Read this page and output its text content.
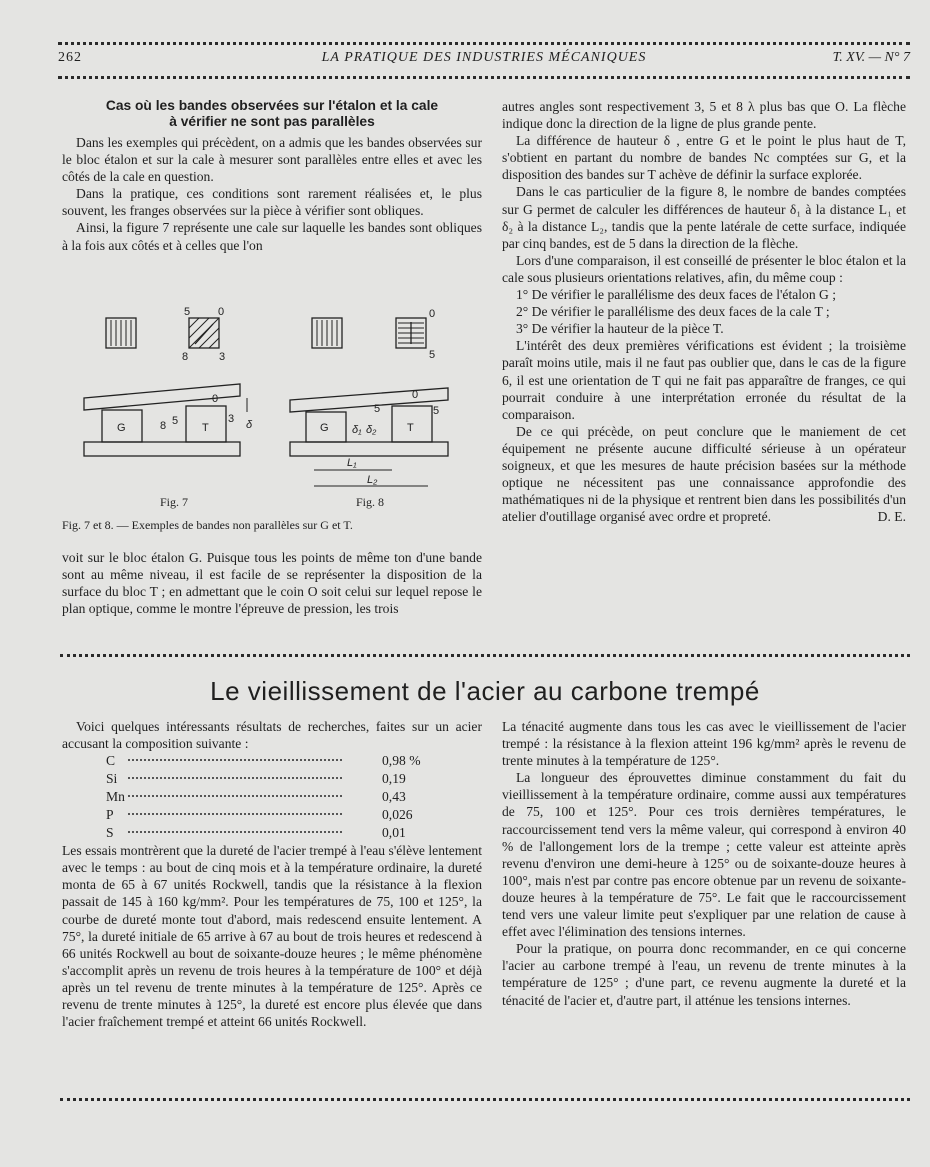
262	LA PRATIQUE DES INDUSTRIES MÉCANIQUES	T. XV. — N° 7
Cas où les bandes observées sur l'étalon et la cale
à vérifier ne sont pas parallèles

Dans les exemples qui précèdent, on a admis que les bandes observées sur le bloc étalon et sur la cale à mesurer sont parallèles entre elles et avec les côtés de la cale en question.

Dans la pratique, ces conditions sont rarement réalisées et, le plus souvent, les franges observées sur la pièce à vérifier sont obliques.

Ainsi, la figure 7 représente une cale sur laquelle les bandes sont obliques à la fois aux côtés et à celles que l'on

5	0
8	3
0
5
G	T
8 5
0
3 δ	G	T
δ₁ δ₂
5
0
5
L₁
L₂
Fig. 7	Fig. 8
Fig. 7 et 8. — Exemples de bandes non parallèles sur G et T.

voit sur le bloc étalon G. Puisque tous les points de même ton d'une bande sont au même niveau, il est facile de se représenter la disposition de la surface du bloc T ; en admettant que le coin O soit celui sur lequel repose le plan optique, comme le montre l'épreuve de pression, les trois

autres angles sont respectivement 3, 5 et 8 λ plus bas que O. La flèche indique donc la direction de la ligne de plus grande pente.

La différence de hauteur δ , entre G et le point le plus haut de T, s'obtient en partant du nombre de bandes Nc comptées sur G, et la disposition des bandes sur T achève de définir la surface explorée.

Dans le cas particulier de la figure 8, le nombre de bandes comptées sur G permet de calculer les différences de hauteur δ₁ à la distance L₁ et δ₂ à la distance L₂, tandis que la pente latérale de cette surface, indiquée par cinq bandes, est de 5 dans la direction de la flèche.

Lors d'une comparaison, il est conseillé de présenter le bloc étalon et la cale sous plusieurs orientations relatives, afin, du même coup :

1° De vérifier le parallélisme des deux faces de l'étalon G ;

2° De vérifier le parallélisme des deux faces de la cale T ;

3° De vérifier la hauteur de la pièce T.

L'intérêt des deux premières vérifications est évident ; la troisième paraît moins utile, mais il ne faut pas oublier que, dans le cas de la figure 6, il est une orientation de T qui ne fait pas apparaître de franges, ce qui pourrait conduire à une interprétation erronée du résultat de la comparaison.

De ce qui précède, on peut conclure que le maniement de cet équipement ne présente aucune difficulté sérieuse à un opérateur soigneux, et que les mesures de haute précision basées sur la méthode optique ne nécessitent pas une connaissance approfondie des mathématiques ni de la physique et rentrent bien dans les possibilités d'un atelier d'outillage organisé avec ordre et propreté.	D. E.

Le vieillissement de l'acier au carbone trempé

Voici quelques intéressants résultats de recherches, faites sur un acier accusant la composition suivante :

C	0,98 %
Si	0,19
Mn	0,43
P	0,026
S	0,01

Les essais montrèrent que la dureté de l'acier trempé à l'eau s'élève lentement avec le temps : au bout de cinq mois et à la température ordinaire, la dureté monta de 65 à 67 unités Rockwell, tandis que la résistance à la flexion passait de 145 à 160 kg/mm². Pour les températures de 75, 100 et 125°, la courbe de dureté monte tout d'abord, mais redescend ensuite lentement. A 75°, la dureté initiale de 65 arrive à 67 au bout de trois heures et redescend à 66 unités Rockwell au bout de soixante-douze heures ; le même phénomène s'accomplit après un revenu de trois heures à la température de 100° et déjà après un tel revenu de trente minutes à la température de 125°. Après ce revenu de trente minutes à 125°, la dureté est encore plus élevée que dans l'acier fraîchement trempé et atteint 66 unités Rockwell.

La ténacité augmente dans tous les cas avec le vieillissement de l'acier trempé : la résistance à la flexion atteint 196 kg/mm² après le revenu de trente minutes à la température de 125°.

La longueur des éprouvettes diminue constamment du fait du vieillissement à la température ordinaire, comme aussi aux températures de 75, 100 et 125°. Pour ces trois dernières températures, le raccourcissement tend vers la même valeur, qui correspond à environ 40 % de l'allongement lors de la trempe ; cette valeur est atteinte après revenu d'environ une demi-heure à 125° ou de soixante-douze heures à 100°, mais n'est par contre pas encore obtenue par un revenu de soixante-douze heures à la température de 75°. Le fait que le raccourcissement tend vers une valeur limite peut s'expliquer par une relation de cause à effet avec l'élimination des tensions internes.

Pour la pratique, on pourra donc recommander, en ce qui concerne l'acier au carbone trempé à l'eau, un revenu de trente minutes à la température de 125° ; d'une part, ce revenu augmente la dureté et la ténacité de l'acier et, d'autre part, il atténue les tensions internes.
